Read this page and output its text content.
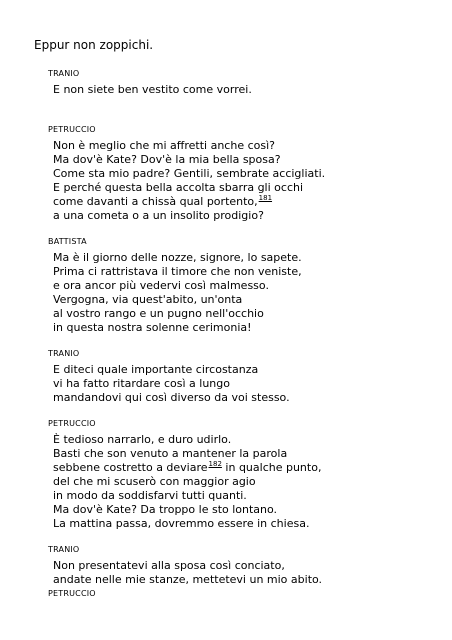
Eppur non zoppichi.
TRANIO
E non siete ben vestito come vorrei.
PETRUCCIO
Non è meglio che mi affretti anche così?
Ma dov'è Kate? Dov'è la mia bella sposa?
Come sta mio padre? Gentili, sembrate accigliati.
E perché questa bella accolta sbarra gli occhi
come davanti a chissà qual portento,$^{181}$
a una cometa o a un insolito prodigio?
BATTISTA
Ma è il giorno delle nozze, signore, lo sapete.
Prima ci rattristava il timore che non veniste,
e ora ancor più vedervi così malmesso.
Vergogna, via quest'abito, un'onta
al vostro rango e un pugno nell'occhio
in questa nostra solenne cerimonia!
TRANIO
E diteci quale importante circostanza
vi ha fatto ritardare così a lungo
mandandovi qui così diverso da voi stesso.
PETRUCCIO
È tedioso narrarlo, e duro udirlo.
Basti che son venuto a mantener la parola
sebbene costretto a deviare$^{182}$ in qualche punto,
del che mi scuserò con maggior agio
in modo da soddisfarvi tutti quanti.
Ma dov'è Kate? Da troppo le sto lontano.
La mattina passa, dovremmo essere in chiesa.
TRANIO
Non presentatevi alla sposa così conciato,
andate nelle mie stanze, mettetevi un mio abito.
PETRUCCIO
